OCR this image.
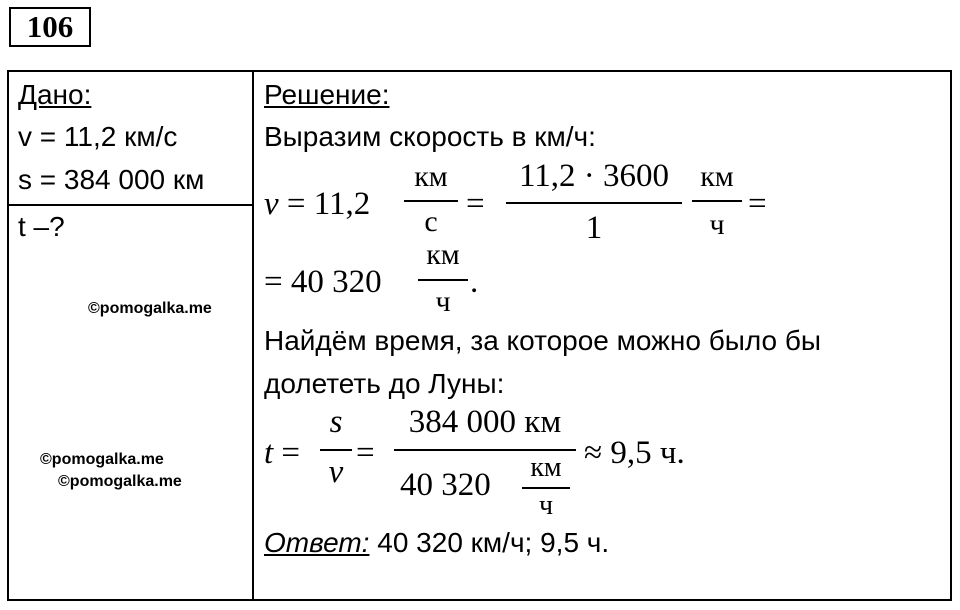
106
Дано:
v = 11,2 км/с
s = 384 000 км
t –?
©pomogalka.me
©pomogalka.me
©pomogalka.me
Решение:
Выразим скорость в км/ч:
v = 11,2
км
с =
11,2 · 3600
1
км
ч
=
= 40 320
км
ч
.
Найдём время, за которое можно было бы
долететь до Луны:
t =
s
v
=
384 000 км
40 320	км
ч
≈ 9,5 ч.
Ответ: 40 320 км/ч; 9,5 ч.
